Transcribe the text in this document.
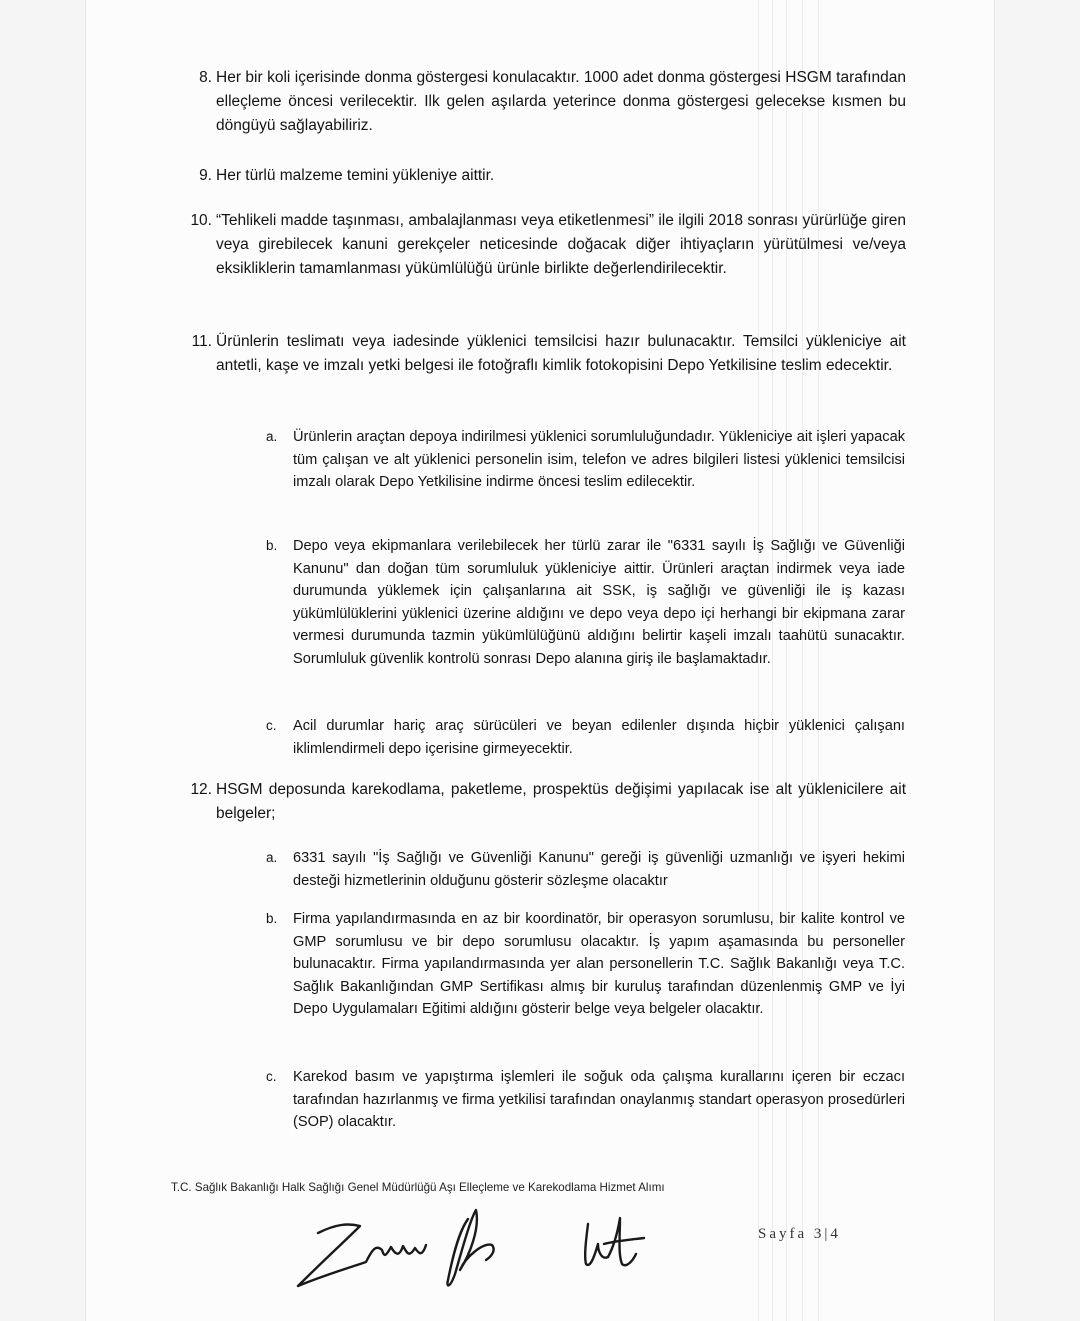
8. Her bir koli içerisinde donma göstergesi konulacaktır. 1000 adet donma göstergesi HSGM tarafından elleçleme öncesi verilecektir. Ilk gelen aşılarda yeterince donma göstergesi gelecekse kısmen bu döngüyü sağlayabiliriz.
9. Her türlü malzeme temini yükleniye aittir.
10. “Tehlikeli madde taşınması, ambalajlanması veya etiketlenmesi” ile ilgili 2018 sonrası yürürlüğe giren veya girebilecek kanuni gerekçeler neticesinde doğacak diğer ihtiyaçların yürütülmesi ve/veya eksikliklerin tamamlanması yükümlülüğü ürünle birlikte değerlendirilecektir.
11. Ürünlerin teslimatı veya iadesinde yüklenici temsilcisi hazır bulunacaktır. Temsilci yükleniciye ait antetli, kaşe ve imzalı yetki belgesi ile fotoğraflı kimlik fotokopisini Depo Yetkilisine teslim edecektir.
a.	Ürünlerin araçtan depoya indirilmesi yüklenici sorumluluğundadır. Yükleniciye ait işleri yapacak tüm çalışan ve alt yüklenici personelin isim, telefon ve adres bilgileri listesi yüklenici temsilcisi imzalı olarak Depo Yetkilisine indirme öncesi teslim edilecektir.
b.	Depo veya ekipmanlara verilebilecek her türlü zarar ile "6331 sayılı İş Sağlığı ve Güvenliği Kanunu" dan doğan tüm sorumluluk yükleniciye aittir. Ürünleri araçtan indirmek veya iade durumunda yüklemek için çalışanlarına ait SSK, iş sağlığı ve güvenliği ile iş kazası yükümlülüklerini yüklenici üzerine aldığını ve depo veya depo içi herhangi bir ekipmana zarar vermesi durumunda tazmin yükümlülüğünü aldığını belirtir kaşeli imzalı taahütü sunacaktır. Sorumluluk güvenlik kontrolü sonrası Depo alanına giriş ile başlamaktadır.
c.	Acil durumlar hariç araç sürücüleri ve beyan edilenler dışında hiçbir yüklenici çalışanı iklimlendirmeli depo içerisine girmeyecektir.
12. HSGM deposunda karekodlama, paketleme, prospektüs değişimi yapılacak ise alt yüklenicilere ait belgeler;
a.	6331 sayılı "İş Sağlığı ve Güvenliği Kanunu" gereği iş güvenliği uzmanlığı ve işyeri hekimi desteği hizmetlerinin olduğunu gösterir sözleşme olacaktır
b.	Firma yapılandırmasında en az bir koordinatör, bir operasyon sorumlusu, bir kalite kontrol ve GMP sorumlusu ve bir depo sorumlusu olacaktır. İş yapım aşamasında bu personeller bulunacaktır. Firma yapılandırmasında yer alan personellerin T.C. Sağlık Bakanlığı veya T.C. Sağlık Bakanlığından GMP Sertifikası almış bir kuruluş tarafından düzenlenmiş GMP ve İyi Depo Uygulamaları Eğitimi aldığını gösterir belge veya belgeler olacaktır.
c.	Karekod basım ve yapıştırma işlemleri ile soğuk oda çalışma kurallarını içeren bir eczacı tarafından hazırlanmış ve firma yetkilisi tarafından onaylanmış standart operasyon prosedürleri (SOP) olacaktır.
T.C. Sağlık Bakanlığı Halk Sağlığı Genel Müdürlüğü Aşı Elleçleme ve Karekodlama Hizmet Alımı
Sayfa 3|4
